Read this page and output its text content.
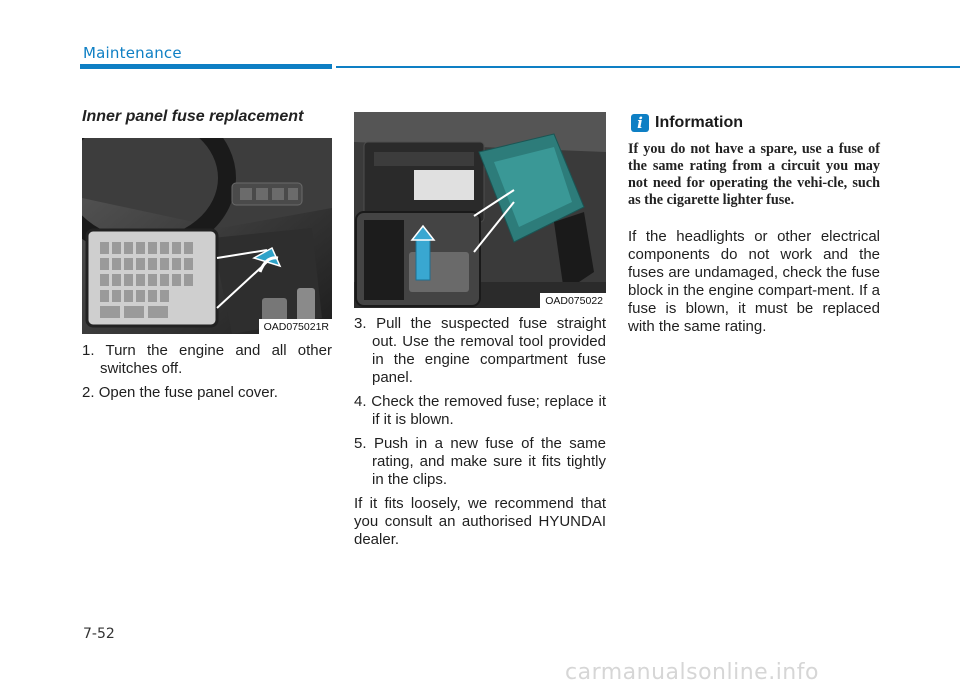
Maintenance
Inner panel fuse replacement
OAD075021R

1. Turn the engine and all other switches off.

2. Open the fuse panel cover.

OAD075022

3. Pull the suspected fuse straight out. Use the removal tool provided in the engine compartment fuse panel.

4. Check the removed fuse; replace it if it is blown.

5. Push in a new fuse of the same rating, and make sure it fits tightly in the clips.

If it fits loosely, we recommend that you consult an authorised HYUNDAI dealer.

i Information
If you do not have a spare, use a fuse of the same rating from a circuit you may not need for operating the vehi-cle, such as the cigarette lighter fuse.

If the headlights or other electrical components do not work and the fuses are undamaged, check the fuse block in the engine compart-ment. If a fuse is blown, it must be replaced with the same rating.

7-52
carmanualsonline.info
